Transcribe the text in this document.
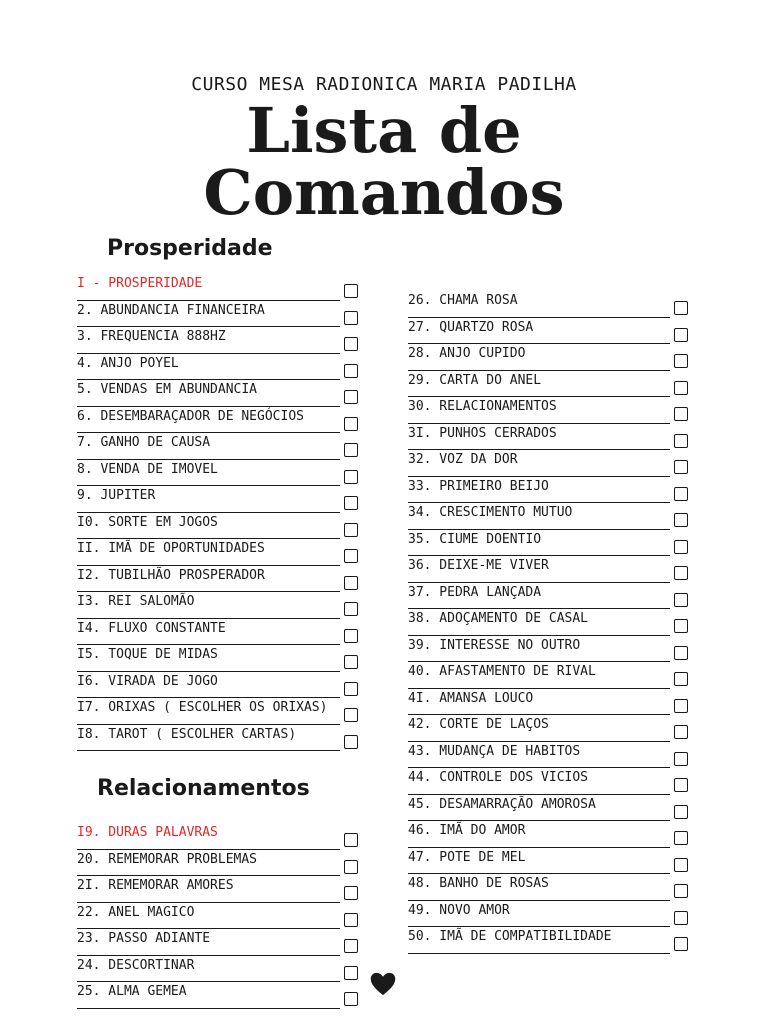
CURSO MESA RADIONICA MARIA PADILHA
Lista de
Comandos
Prosperidade
Relacionamentos
I - PROSPERIDADE
2. ABUNDANCIA FINANCEIRA
3. FREQUENCIA 888HZ
4. ANJO POYEL
5. VENDAS EM ABUNDANCIA
6. DESEMBARAÇADOR DE NEGÓCIOS
7. GANHO DE CAUSA
8. VENDA DE IMOVEL
9. JUPITER
I0. SORTE EM JOGOS
II. IMÃ DE OPORTUNIDADES
I2. TUBILHÃO PROSPERADOR
I3. REI SALOMÃO
I4. FLUXO CONSTANTE
I5. TOQUE DE MIDAS
I6. VIRADA DE JOGO
I7. ORIXAS ( ESCOLHER OS ORIXAS)
I8. TAROT ( ESCOLHER CARTAS)
I9. DURAS PALAVRAS
20. REMEMORAR PROBLEMAS
2I. REMEMORAR AMORES
22. ANEL MAGICO
23. PASSO ADIANTE
24. DESCORTINAR
25. ALMA GEMEA
26. CHAMA ROSA
27. QUARTZO ROSA
28. ANJO CUPIDO
29. CARTA DO ANEL
30. RELACIONAMENTOS
3I. PUNHOS CERRADOS
32. VOZ DA DOR
33. PRIMEIRO BEIJO
34. CRESCIMENTO MUTUO
35. CIUME DOENTIO
36. DEIXE-ME VIVER
37. PEDRA LANÇADA
38. ADOÇAMENTO DE CASAL
39. INTERESSE NO OUTRO
40. AFASTAMENTO DE RIVAL
4I. AMANSA LOUCO
42. CORTE DE LAÇOS
43. MUDANÇA DE HABITOS
44. CONTROLE DOS VICIOS
45. DESAMARRAÇÃO AMOROSA
46. IMÃ DO AMOR
47. POTE DE MEL
48. BANHO DE ROSAS
49. NOVO AMOR
50. IMÃ DE COMPATIBILIDADE
